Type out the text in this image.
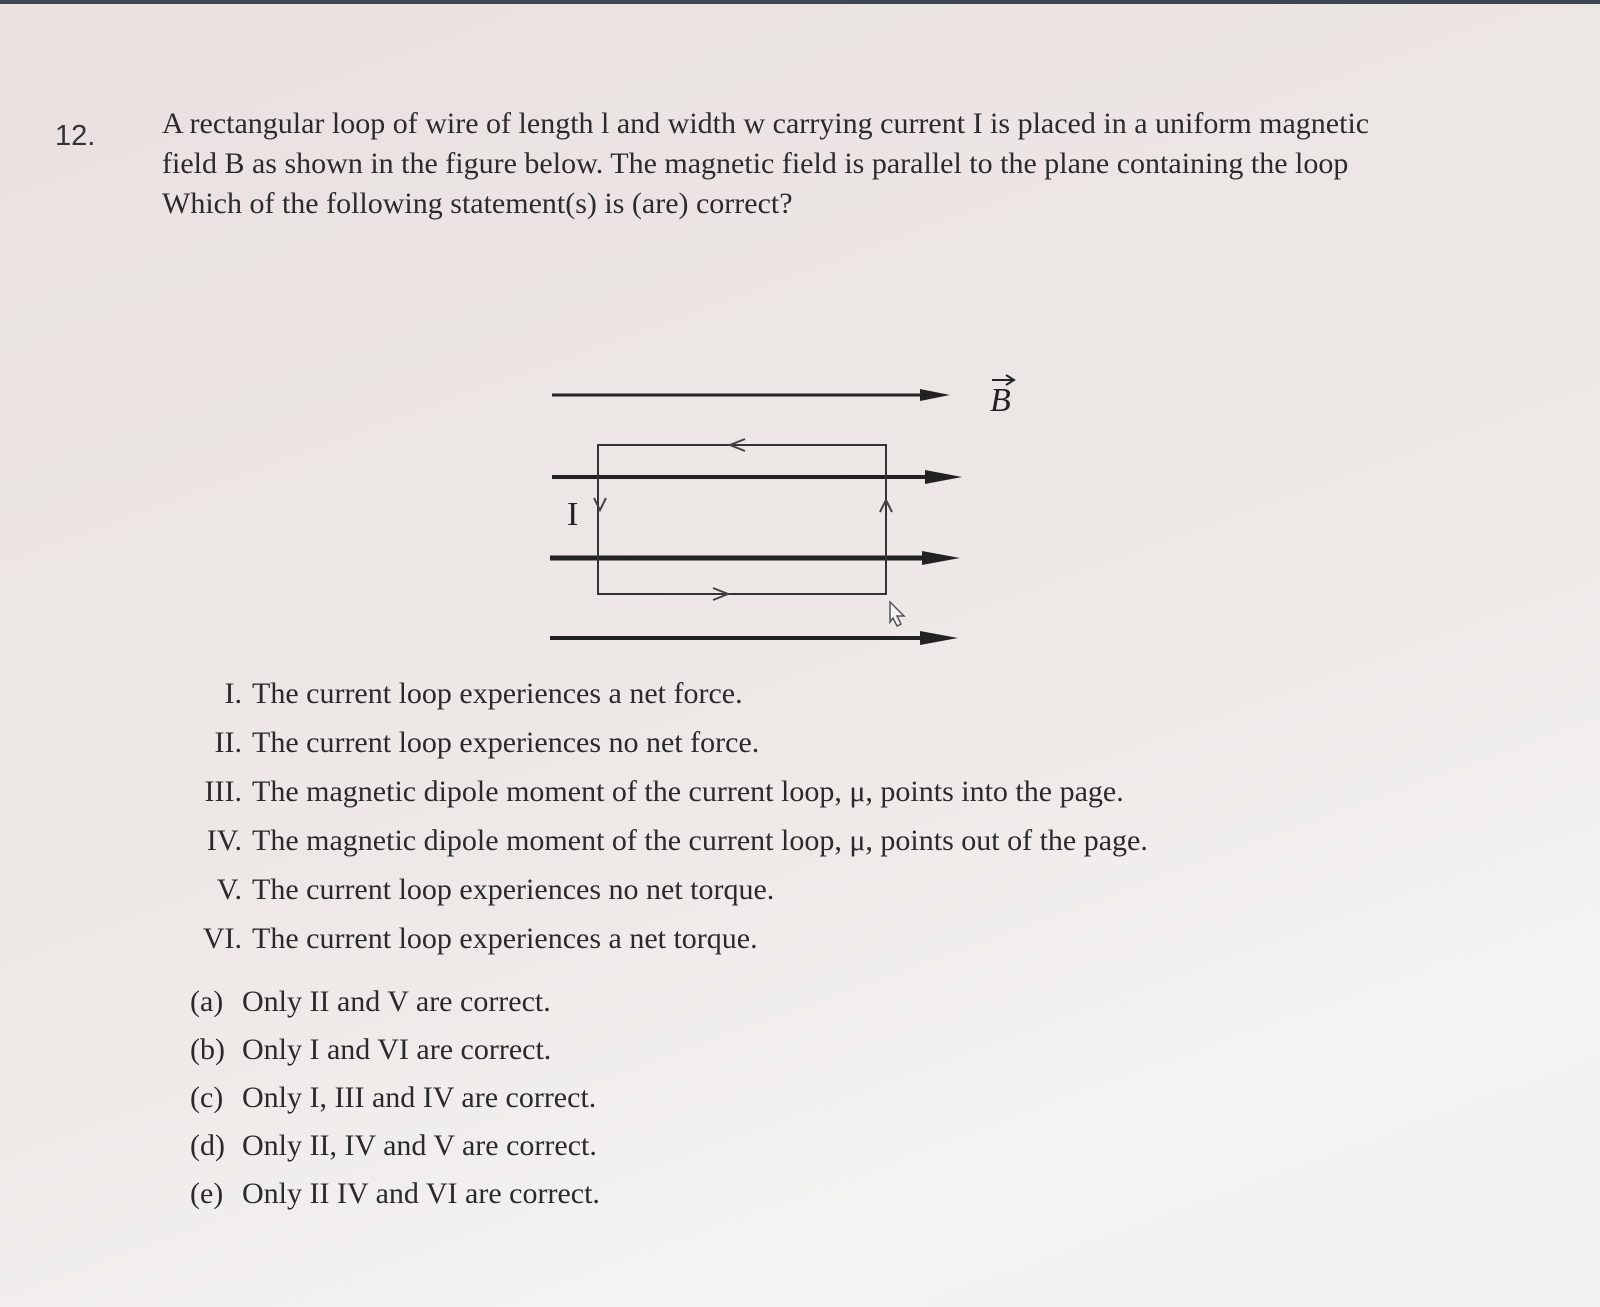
12. A rectangular loop of wire of length l and width w carrying current I is placed in a uniform magnetic
field B as shown in the figure below. The magnetic field is parallel to the plane containing the loop
Which of the following statement(s) is (are) correct?
B
I
I. The current loop experiences a net force.
II. The current loop experiences no net force.
III. The magnetic dipole moment of the current loop, μ, points into the page.
IV. The magnetic dipole moment of the current loop, μ, points out of the page.
V. The current loop experiences no net torque.
VI. The current loop experiences a net torque.
(a) Only II and V are correct.
(b) Only I and VI are correct.
(c) Only I, III and IV are correct.
(d) Only II, IV and V are correct.
(e) Only II IV and VI are correct.
